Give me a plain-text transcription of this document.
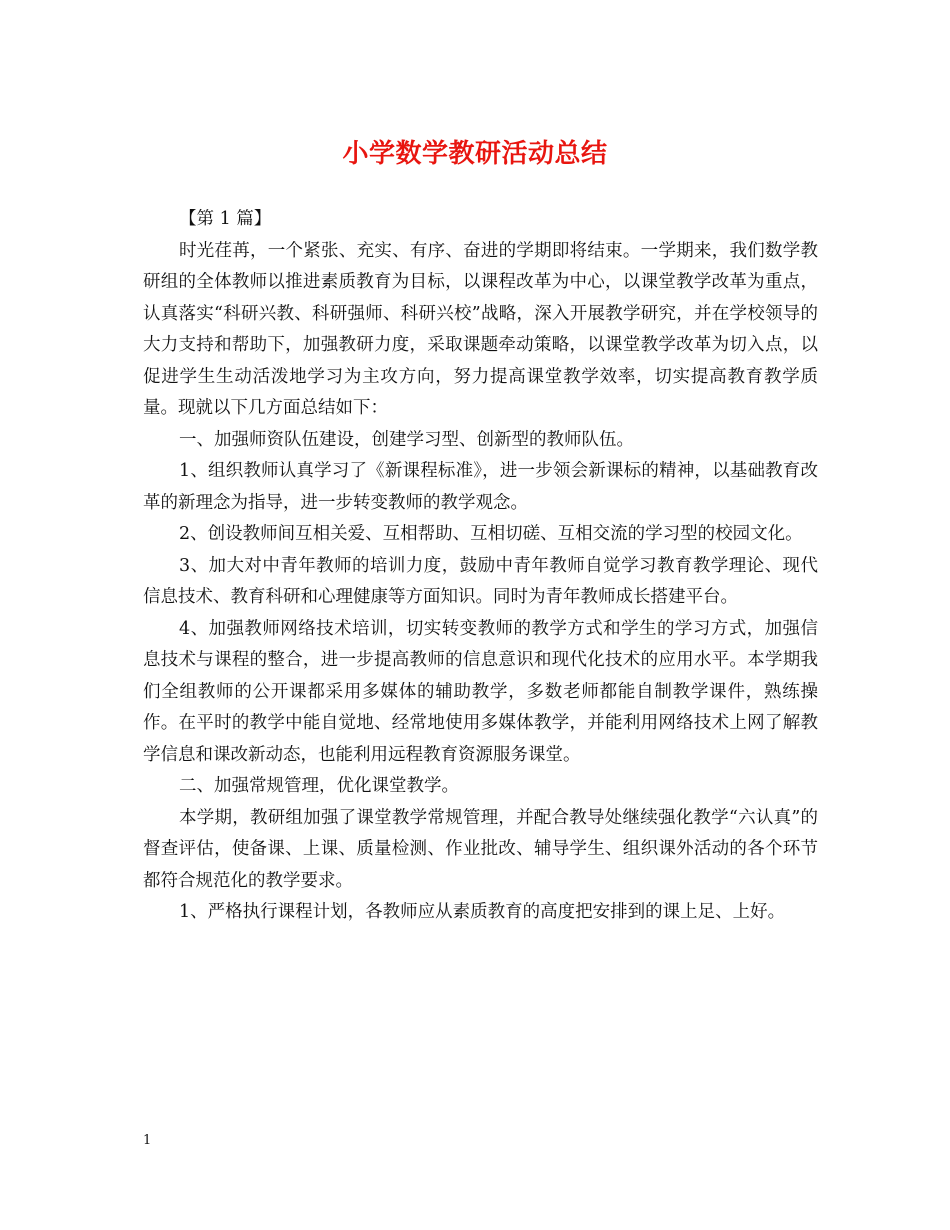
小学数学教研活动总结

【第 1 篇】

时光荏苒，一个紧张、充实、有序、奋进的学期即将结束。一学期来，我们数学教研组的全体教师以推进素质教育为目标，以课程改革为中心，以课堂教学改革为重点，认真落实“科研兴教、科研强师、科研兴校”战略，深入开展教学研究，并在学校领导的大力支持和帮助下，加强教研力度，采取课题牵动策略，以课堂教学改革为切入点，以促进学生生动活泼地学习为主攻方向，努力提高课堂教学效率，切实提高教育教学质量。现就以下几方面总结如下：

一、加强师资队伍建设，创建学习型、创新型的教师队伍。

1、组织教师认真学习了《新课程标准》，进一步领会新课标的精神，以基础教育改革的新理念为指导，进一步转变教师的教学观念。

2、创设教师间互相关爱、互相帮助、互相切磋、互相交流的学习型的校园文化。

3、加大对中青年教师的培训力度，鼓励中青年教师自觉学习教育教学理论、现代信息技术、教育科研和心理健康等方面知识。同时为青年教师成长搭建平台。

4、加强教师网络技术培训，切实转变教师的教学方式和学生的学习方式，加强信息技术与课程的整合，进一步提高教师的信息意识和现代化技术的应用水平。本学期我们全组教师的公开课都采用多媒体的辅助教学，多数老师都能自制教学课件，熟练操作。在平时的教学中能自觉地、经常地使用多媒体教学，并能利用网络技术上网了解教学信息和课改新动态，也能利用远程教育资源服务课堂。

二、加强常规管理，优化课堂教学。

本学期，教研组加强了课堂教学常规管理，并配合教导处继续强化教学“六认真”的督查评估，使备课、上课、质量检测、作业批改、辅导学生、组织课外活动的各个环节都符合规范化的教学要求。

1、严格执行课程计划，各教师应从素质教育的高度把安排到的课上足、上好。

1
